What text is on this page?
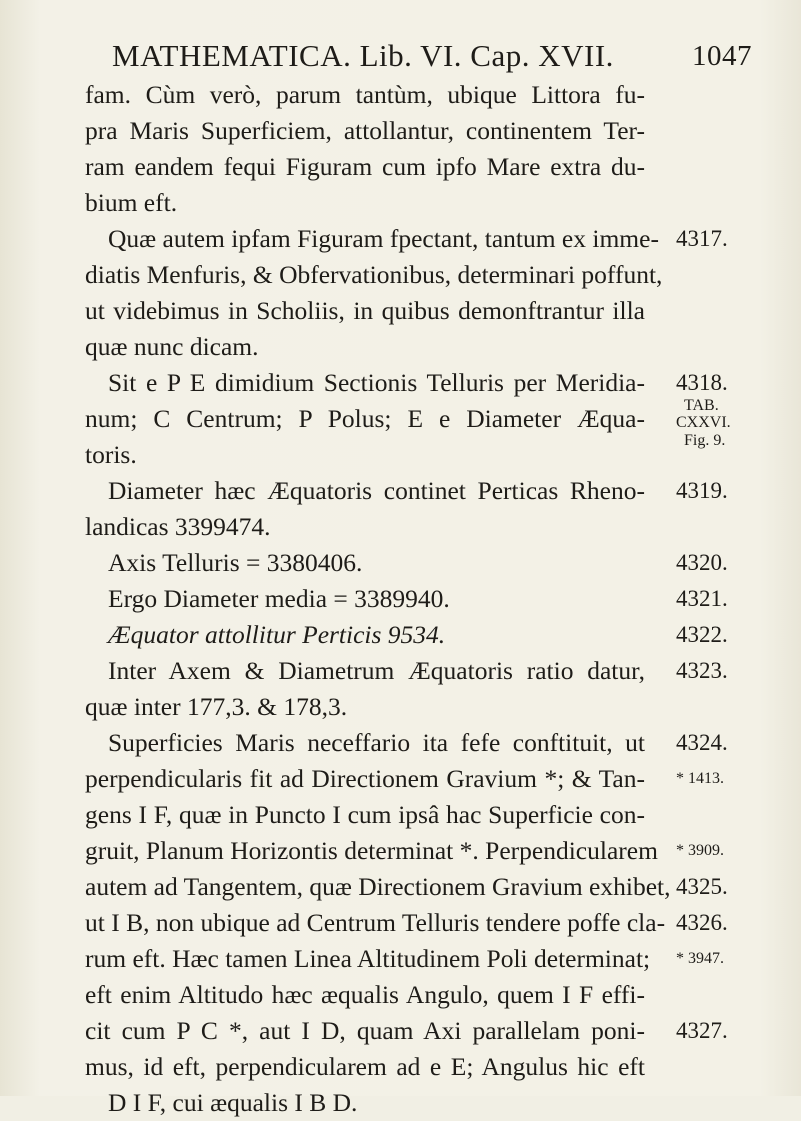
MATHEMATICA. Lib. VI. Cap. XVII.	1047
fam. Cùm verò, parum tantùm, ubique Littora fu-
pra Maris Superficiem, attollantur, continentem Ter-
ram eandem fequi Figuram cum ipfo Mare extra du-
bium eft.
Quæ autem ipfam Figuram fpectant, tantum ex imme-
diatis Menfuris, & Obfervationibus, determinari poffunt,
ut videbimus in Scholiis, in quibus demonftrantur illa
quæ nunc dicam.
Sit e P E dimidium Sectionis Telluris per Meridia-
num; C Centrum; P Polus; E e Diameter Æqua-
toris.
Diameter hæc Æquatoris continet Perticas Rheno-
landicas 3399474.
Axis Telluris = 3380406.
Ergo Diameter media = 3389940.
Æquator attollitur Perticis 9534.
Inter Axem & Diametrum Æquatoris ratio datur,
quæ inter 177,3. & 178,3.
Superficies Maris neceffario ita fefe conftituit, ut
perpendicularis fit ad Directionem Gravium *; & Tan-
gens I F, quæ in Puncto I cum ipsâ hac Superficie con-
gruit, Planum Horizontis determinat *. Perpendicularem
autem ad Tangentem, quæ Directionem Gravium exhibet,
ut I B, non ubique ad Centrum Telluris tendere poffe cla-
rum eft. Hæc tamen Linea Altitudinem Poli determinat;
eft enim Altitudo hæc æqualis Angulo, quem I F effi-
cit cum P C *, aut I D, quam Axi parallelam poni-
mus, id eft, perpendicularem ad e E; Angulus hic eft
D I F, cui æqualis I B D.
4317.
4318.
TAB.
CXXVI.
Fig. 9.
4319.
4320.
4321.
4322.
4323.
4324.
* 1413.
* 3909.
4325.
4326.
* 3947.
4327.
